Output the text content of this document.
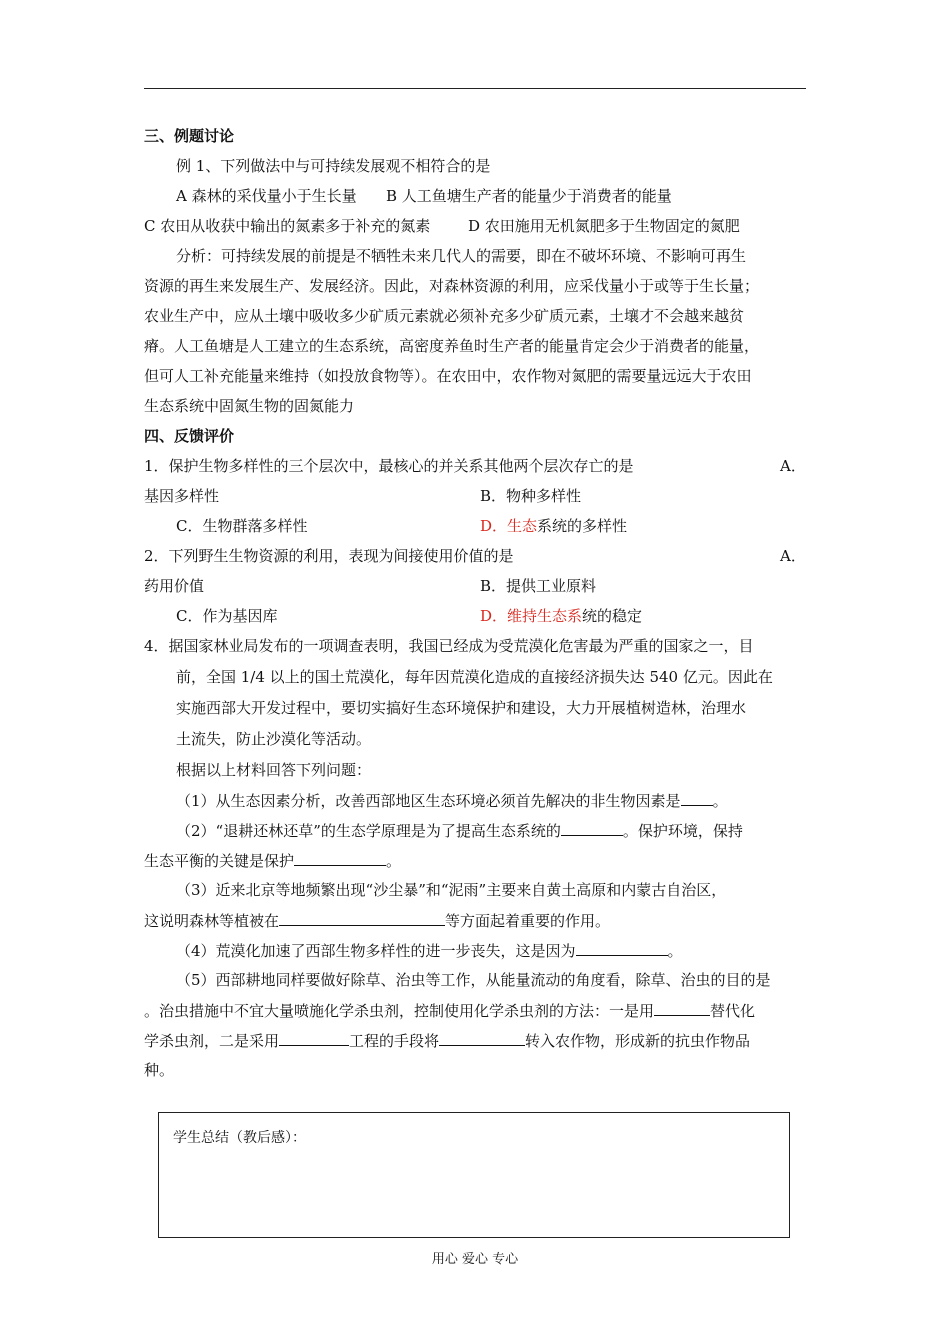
三、例题讨论
例 1、下列做法中与可持续发展观不相符合的是
A 森林的采伐量小于生长量 B 人工鱼塘生产者的能量少于消费者的能量
C 农田从收获中输出的氮素多于补充的氮素	D 农田施用无机氮肥多于生物固定的氮肥
分析：可持续发展的前提是不牺牲未来几代人的需要，即在不破坏环境、不影响可再生
资源的再生来发展生产、发展经济。因此，对森林资源的利用，应采伐量小于或等于生长量；
农业生产中，应从土壤中吸收多少矿质元素就必须补充多少矿质元素，土壤才不会越来越贫
瘠。人工鱼塘是人工建立的生态系统，高密度养鱼时生产者的能量肯定会少于消费者的能量，
但可人工补充能量来维持（如投放食物等）。在农田中，农作物对氮肥的需要量远远大于农田
生态系统中固氮生物的固氮能力
四、反馈评价
1．保护生物多样性的三个层次中，最核心的并关系其他两个层次存亡的是	A．
基因多样性	B．物种多样性
C．生物群落多样性	D．生态系统的多样性
2．下列野生生物资源的利用，表现为间接使用价值的是	A．
药用价值	B．提供工业原料
C．作为基因库	D．维持生态系统的稳定
4．据国家林业局发布的一项调查表明，我国已经成为受荒漠化危害最为严重的国家之一，目
前，全国 1/4 以上的国土荒漠化，每年因荒漠化造成的直接经济损失达 540 亿元。因此在
实施西部大开发过程中，要切实搞好生态环境保护和建设，大力开展植树造林，治理水
土流失，防止沙漠化等活动。
根据以上材料回答下列问题：
（1）从生态因素分析，改善西部地区生态环境必须首先解决的非生物因素是 。
（2）“退耕还林还草”的生态学原理是为了提高生态系统的	。保护环境，保持
生态平衡的关键是保护	。
（3）近来北京等地频繁出现“沙尘暴”和“泥雨”主要来自黄土高原和内蒙古自治区，
这说明森林等植被在	等方面起着重要的作用。
（4）荒漠化加速了西部生物多样性的进一步丧失，这是因为	。
（5）西部耕地同样要做好除草、治虫等工作，从能量流动的角度看，除草、治虫的目的是
。治虫措施中不宜大量喷施化学杀虫剂，控制使用化学杀虫剂的方法：一是用	替代化
学杀虫剂，二是采用	工程的手段将	转入农作物，形成新的抗虫作物品
种。
学生总结（教后感）：
用心 爱心 专心
